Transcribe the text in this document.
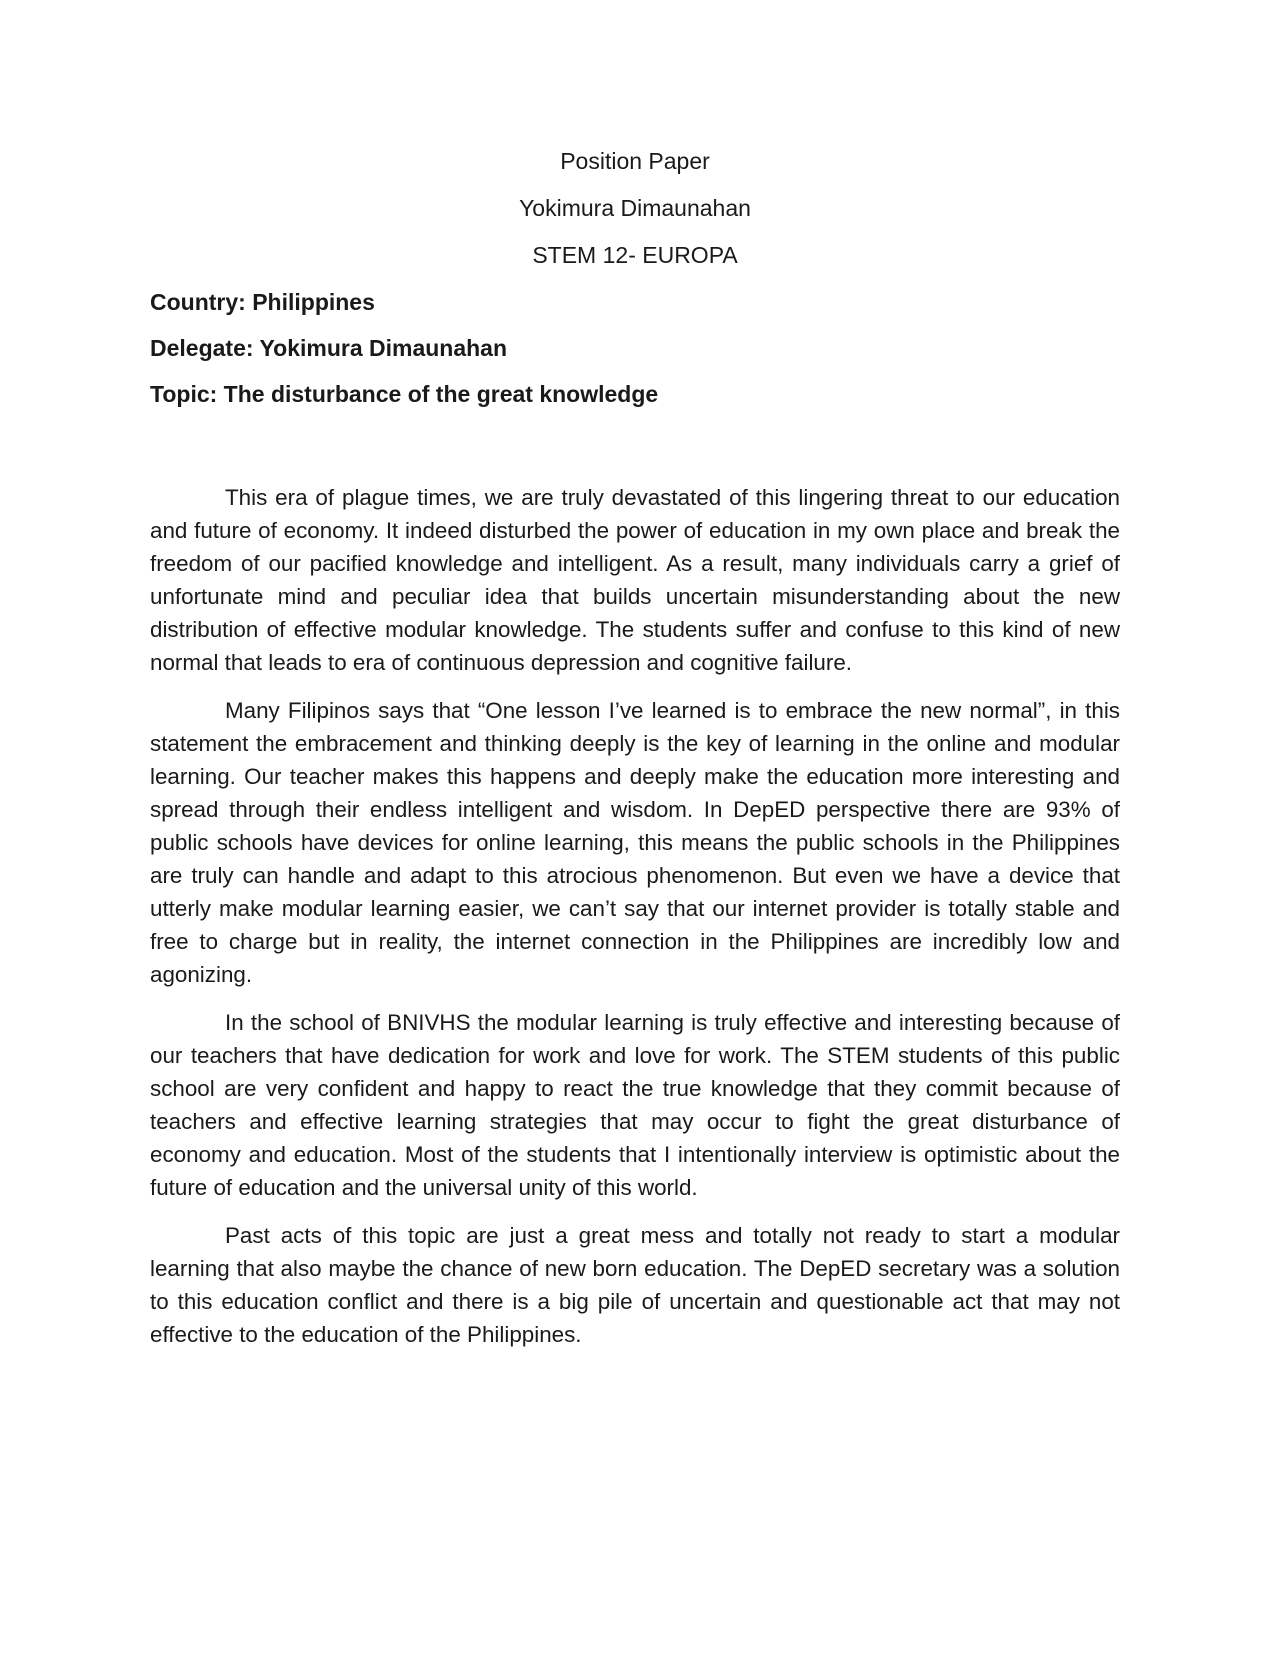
Position Paper
Yokimura Dimaunahan
STEM 12- EUROPA
Country: Philippines
Delegate: Yokimura Dimaunahan
Topic: The disturbance of the great knowledge

This era of plague times, we are truly devastated of this lingering threat to our education and future of economy. It indeed disturbed the power of education in my own place and break the freedom of our pacified knowledge and intelligent. As a result, many individuals carry a grief of unfortunate mind and peculiar idea that builds uncertain misunderstanding about the new distribution of effective modular knowledge. The students suffer and confuse to this kind of new normal that leads to era of continuous depression and cognitive failure.

Many Filipinos says that “One lesson I’ve learned is to embrace the new normal”, in this statement the embracement and thinking deeply is the key of learning in the online and modular learning. Our teacher makes this happens and deeply make the education more interesting and spread through their endless intelligent and wisdom. In DepED perspective there are 93% of public schools have devices for online learning, this means the public schools in the Philippines are truly can handle and adapt to this atrocious phenomenon. But even we have a device that utterly make modular learning easier, we can’t say that our internet provider is totally stable and free to charge but in reality, the internet connection in the Philippines are incredibly low and agonizing.

In the school of BNIVHS the modular learning is truly effective and interesting because of our teachers that have dedication for work and love for work. The STEM students of this public school are very confident and happy to react the true knowledge that they commit because of teachers and effective learning strategies that may occur to fight the great disturbance of economy and education. Most of the students that I intentionally interview is optimistic about the future of education and the universal unity of this world.

Past acts of this topic are just a great mess and totally not ready to start a modular learning that also maybe the chance of new born education. The DepED secretary was a solution to this education conflict and there is a big pile of uncertain and questionable act that may not effective to the education of the Philippines.
